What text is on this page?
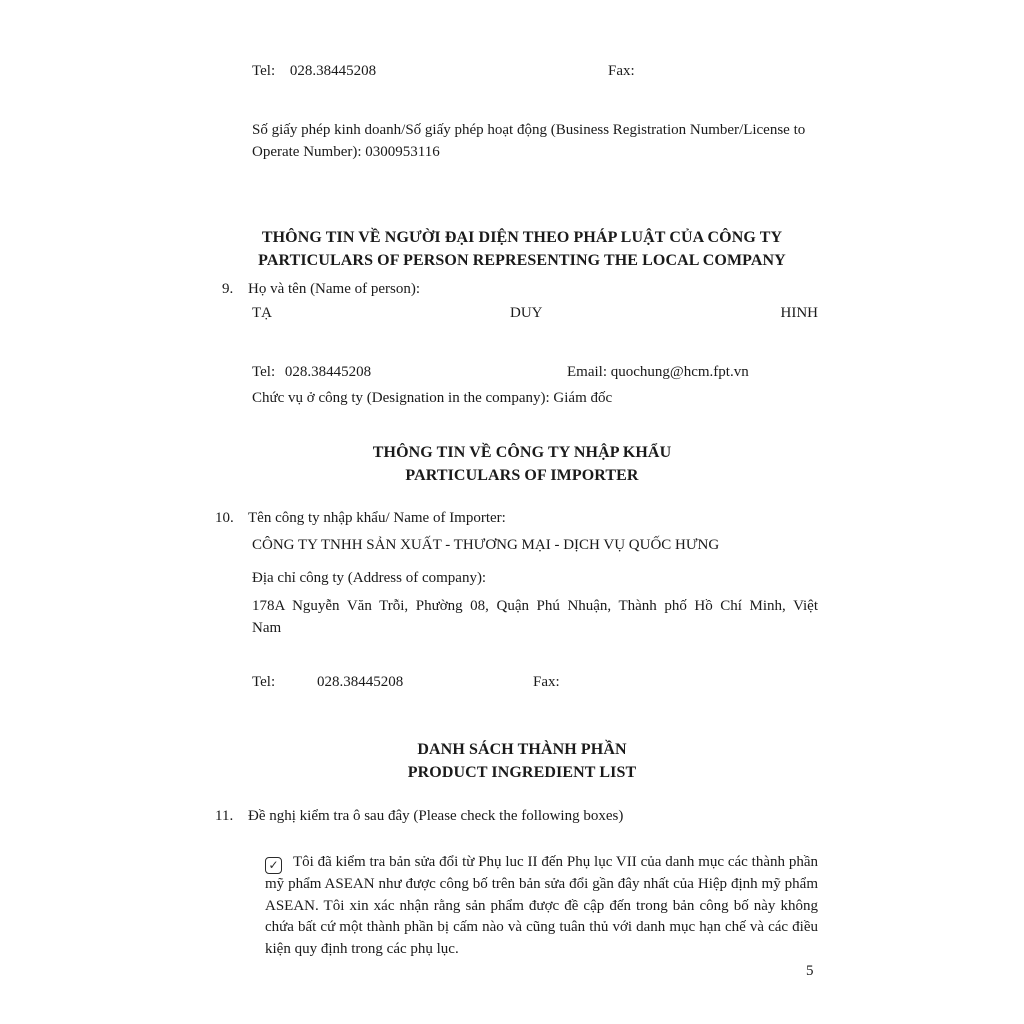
Tel: 028.38445208	Fax:
Số giấy phép kinh doanh/Số giấy phép hoạt động (Business Registration Number/License to
Operate Number): 0300953116
THÔNG TIN VỀ NGƯỜI ĐẠI DIỆN THEO PHÁP LUẬT CỦA CÔNG TY
PARTICULARS OF PERSON REPRESENTING THE LOCAL COMPANY
9. Họ và tên (Name of person):
TẠ	DUY	HINH
Tel: 028.38445208	Email: quochung@hcm.fpt.vn
Chức vụ ở công ty (Designation in the company): Giám đốc
THÔNG TIN VỀ CÔNG TY NHẬP KHẨU
PARTICULARS OF IMPORTER
10. Tên công ty nhập khẩu/ Name of Importer:
CÔNG TY TNHH SẢN XUẤT - THƯƠNG MẠI - DỊCH VỤ QUỐC HƯNG
Địa chỉ công ty (Address of company):
178A Nguyễn Văn Trỗi, Phường 08, Quận Phú Nhuận, Thành phố Hồ Chí Minh, Việt
Nam
Tel:	028.38445208	Fax:
DANH SÁCH THÀNH PHẦN
PRODUCT INGREDIENT LIST
11. Đề nghị kiểm tra ô sau đây (Please check the following boxes)
✓ Tôi đã kiểm tra bản sửa đổi từ Phụ luc II đến Phụ lục VII của danh mục các thành phần mỹ phẩm ASEAN như được công bố trên bản sửa đổi gần đây nhất của Hiệp định mỹ phẩm ASEAN. Tôi xin xác nhận rằng sản phẩm được đề cập đến trong bản công bố này không chứa bất cứ một thành phần bị cấm nào và cũng tuân thủ với danh mục hạn chế và các điều kiện quy định trong các phụ lục.
5
